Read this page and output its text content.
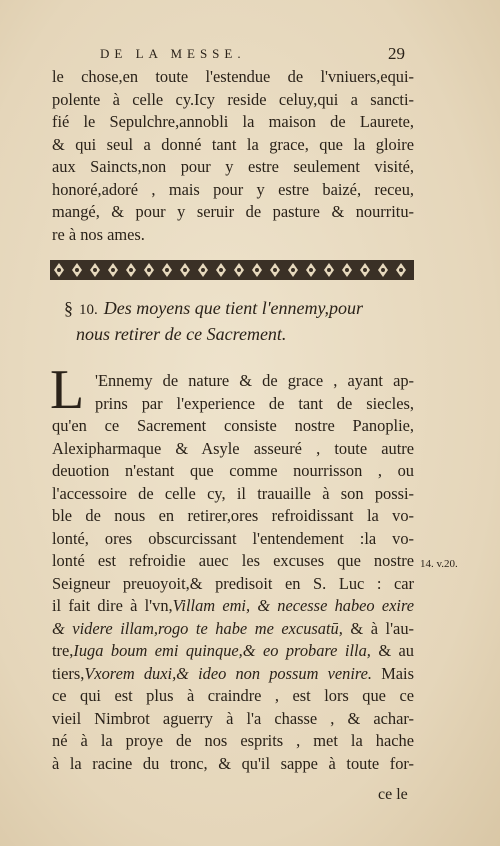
DE LA MESSE.	29
le chose,en toute l'estendue de l'vniuers,equi-
polente à celle cy.Icy reside celuy,qui a sancti-
fié le Sepulchre,annobli la maison de Laurete,
& qui seul a donné tant la grace, que la gloire
aux Saincts,non pour y estre seulement visité,
honoré,adoré , mais pour y estre baizé, receu,
mangé, & pour y seruir de pasture & nourritu-
re à nos ames.
§ 10. Des moyens que tient l'ennemy,pour
nous retirer de ce Sacrement.
L 'Ennemy de nature & de grace , ayant ap-
prins par l'experience de tant de siecles,
qu'en ce Sacrement consiste nostre Panoplie,
Alexipharmaque & Asyle asseuré , toute autre
deuotion n'estant que comme nourrisson , ou
l'accessoire de celle cy, il trauaille à son possi-
ble de nous en retirer,ores refroidissant la vo-
lonté, ores obscurcissant l'entendement :la vo-
lonté est refroidie auec les excuses que nostre
Seigneur preuoyoit,& predisoit en S. Luc : car
il fait dire à l'vn,Villam emi, & necesse habeo exire
& videre illam,rogo te habe me excusatū, & à l'au-
tre,Iuga boum emi quinque,& eo probare illa, & au
tiers,Vxorem duxi,& ideo non possum venire. Mais
ce qui est plus à craindre , est lors que ce
vieil Nimbrot aguerry à l'a chasse , & achar-
né à la proye de nos esprits , met la hache
à la racine du tronc, & qu'il sappe à toute for-
14. v.20.
ce le
